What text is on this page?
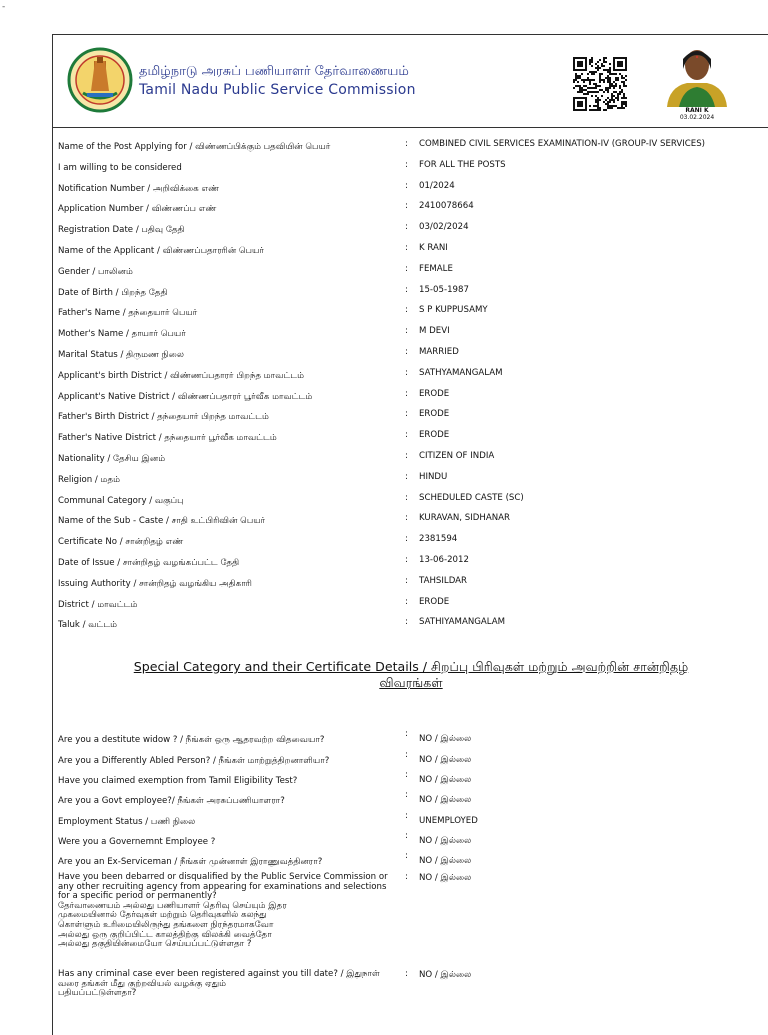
-
தமிழ்நாடு அரசுப் பணியாளர் தேர்வாணையம்
Tamil Nadu Public Service Commission
RANI K
03.02.2024
Name of the Post Applying for / விண்ணப்பிக்கும் பதவியின் பெயர்	: COMBINED CIVIL SERVICES EXAMINATION-IV (GROUP-IV SERVICES)
I am willing to be considered	: FOR ALL THE POSTS
Notification Number / அறிவிக்கை எண்	: 01/2024
Application Number / விண்ணப்ப எண்	: 2410078664
Registration Date / பதிவு தேதி	: 03/02/2024
Name of the Applicant / விண்ணப்பதாரரின் பெயர்	: K RANI
Gender / பாலினம்	: FEMALE
Date of Birth / பிறந்த தேதி	: 15-05-1987
Father's Name / தந்தையார் பெயர்	: S P KUPPUSAMY
Mother's Name / தாயார் பெயர்	: M DEVI
Marital Status / திருமண நிலை	: MARRIED
Applicant's birth District / விண்ணப்பதாரர் பிறந்த மாவட்டம்	: SATHYAMANGALAM
Applicant's Native District / விண்ணப்பதாரர் பூர்வீக மாவட்டம்	: ERODE
Father's Birth District / தந்தையார் பிறந்த மாவட்டம்	: ERODE
Father's Native District / தந்தையார் பூர்வீக மாவட்டம்	: ERODE
Nationality / தேசிய இனம்	: CITIZEN OF INDIA
Religion / மதம்	: HINDU
Communal Category / வகுப்பு	: SCHEDULED CASTE (SC)
Name of the Sub - Caste / சாதி உட்பிரிவின் பெயர்	: KURAVAN, SIDHANAR
Certificate No / சான்றிதழ் எண்	: 2381594
Date of Issue / சான்றிதழ் வழங்கப்பட்ட தேதி	: 13-06-2012
Issuing Authority / சான்றிதழ் வழங்கிய அதிகாரி	: TAHSILDAR
District / மாவட்டம்	: ERODE
Taluk / வட்டம்	: SATHIYAMANGALAM
Special Category and their Certificate Details / சிறப்பு பிரிவுகள் மற்றும் அவற்றின் சான்றிதழ்
விவரங்கள்
Are you a destitute widow ? / நீங்கள் ஒரு ஆதரவற்ற விதவையா?
: NO / இல்லை
Are you a Differently Abled Person? / நீங்கள் மாற்றுத்திறனாளியா?
: NO / இல்லை
Have you claimed exemption from Tamil Eligibility Test?
: NO / இல்லை
Are you a Govt employee?/ நீங்கள் அரசுப்பணியாளரா?
: NO / இல்லை
Employment Status / பணி நிலை
: UNEMPLOYED
Were you a Governemnt Employee ?
: NO / இல்லை
Are you an Ex-Serviceman / நீங்கள் முன்னாள் இராணுவத்தினரா?
: NO / இல்லை
Have you been debarred or disqualified by the Public Service Commission or
any other recruiting agency from appearing for examinations and selections
for a specific period or permanently?
தேர்வாணையம் அல்லது பணியாளர் தெரிவு செய்யும் இதர
முகமையினால் தேர்வுகள் மற்றும் தெரிவுகளில் கலந்து
கொள்ளும் உரிமையிலிருந்து தங்களை நிரந்தரமாகவோ
அல்லது ஒரு குறிப்பிட்ட காலத்திற்கு விலக்கி வைத்தோ
அல்லது தகுதியின்மையோ செய்யப்பட்டுள்ளதா ?
: NO / இல்லை
Has any criminal case ever been registered against you till date? / இதுநாள்
வரை தங்கள் மீது குற்றவியல் வழக்கு ஏதும்
பதியப்பட்டுள்ளதா?
: NO / இல்லை
